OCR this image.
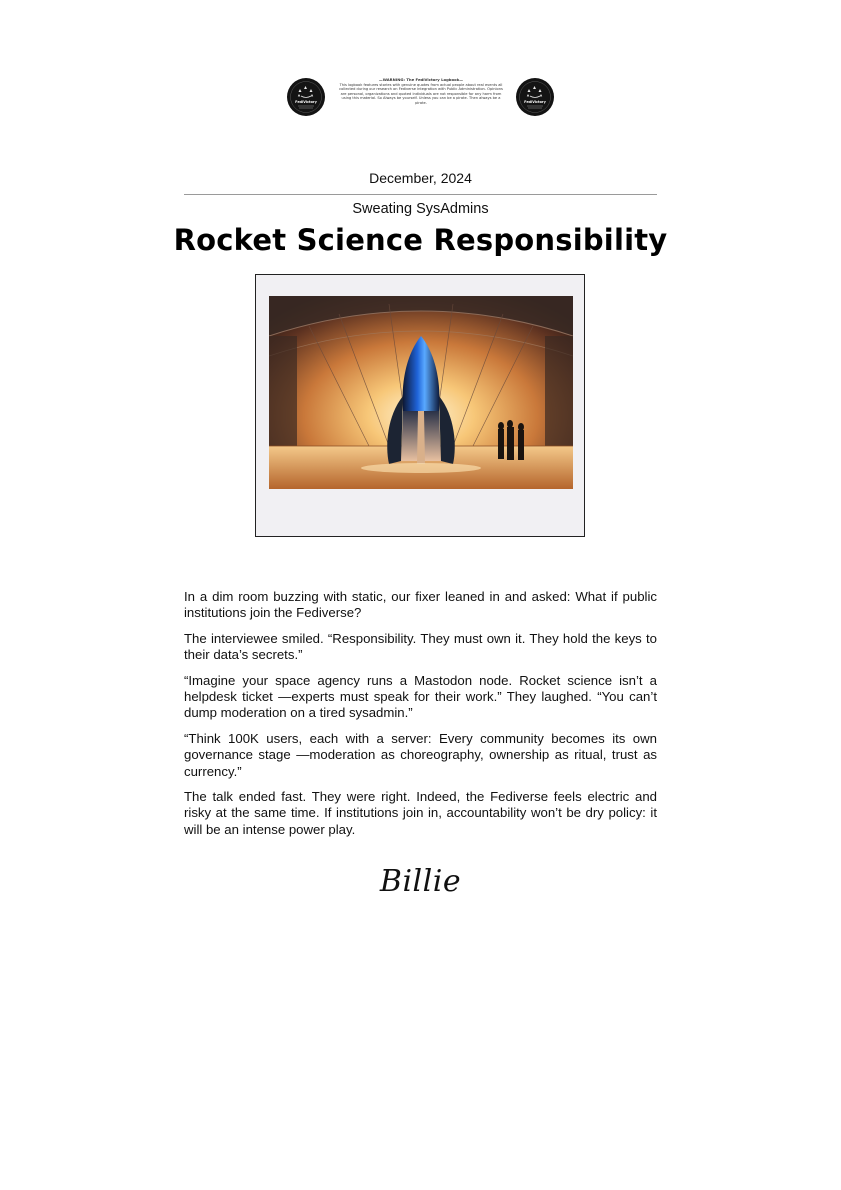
FediVictory
—WARNING: The FediVictory Logbook—
This logbook features stories with genuine quotes from actual people about real events all collected during our research on Fediverse integration with Public Administration. Opinions are personal, organizations and quoted individuals are not responsible for any harm from using this material. So Always be yourself. Unless you can be a pirate. Then always be a pirate.	FediVictory
December, 2024
Sweating SysAdmins
Rocket Science Responsibility

In a dim room buzzing with static, our fixer leaned in and asked: What if public institutions join the Fediverse?

The interviewee smiled. “Responsibility. They must own it. They hold the keys to their data’s secrets.”

“Imagine your space agency runs a Mastodon node. Rocket science isn’t a helpdesk ticket —experts must speak for their work.” They laughed. “You can’t dump moderation on a tired sysadmin.”

“Think 100K users, each with a server: Every community becomes its own governance stage —moderation as choreography, ownership as ritual, trust as currency.”

The talk ended fast. They were right. Indeed, the Fediverse feels electric and risky at the same time. If institutions join in, accountability won’t be dry policy: it will be an intense power play.

Billie
